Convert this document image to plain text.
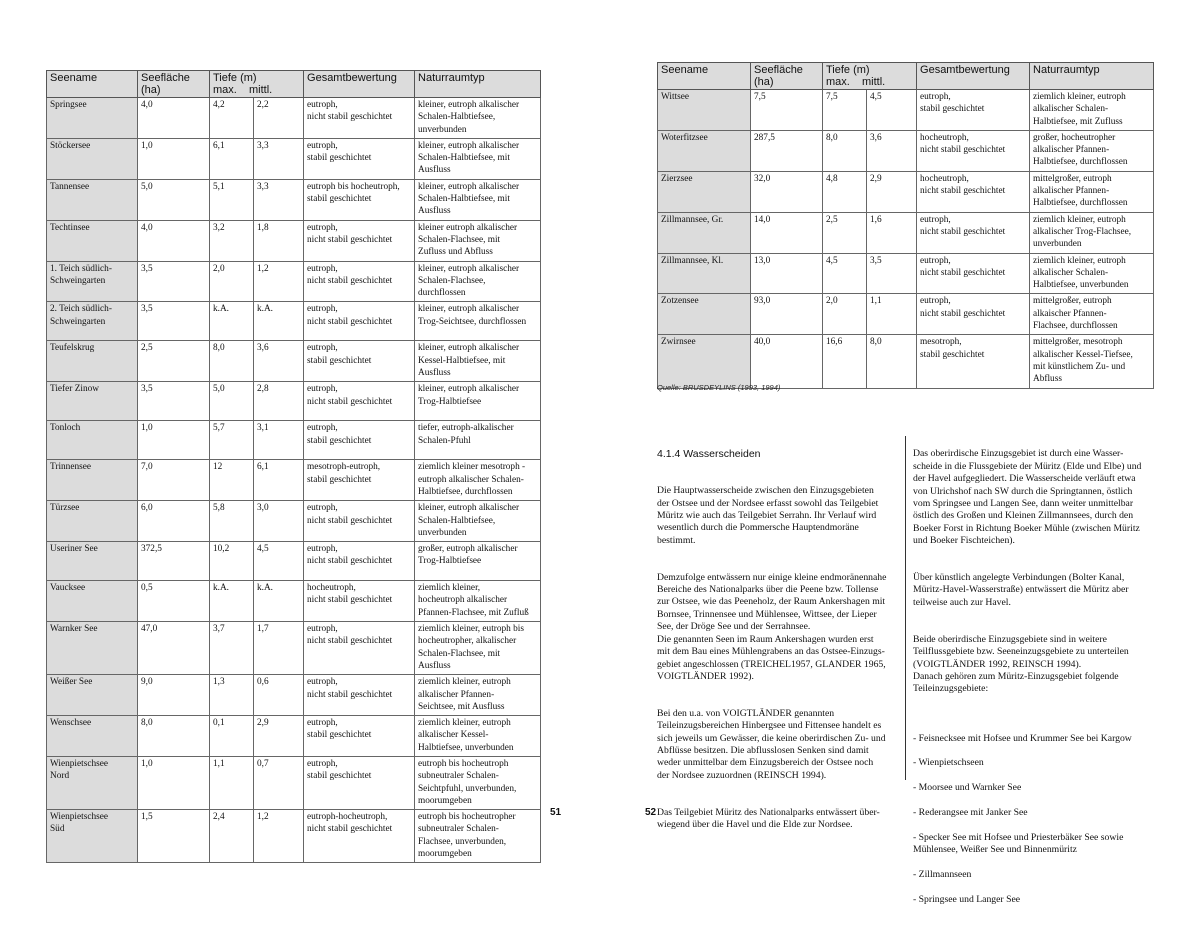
Seename	Seefläche (ha)	Tiefe (m)
max. mittl.		Gesamtbewertung	Naturraumtyp
Springsee	4,0	4,2	2,2	eutroph,
nicht stabil geschichtet	kleiner, eutroph alkalischer
Schalen-Halbtiefsee,
unverbunden
Stöckersee	1,0	6,1	3,3	eutroph,
stabil geschichtet	kleiner, eutroph alkalischer
Schalen-Halbtiefsee, mit
Ausfluss
Tannensee	5,0	5,1	3,3	eutroph bis hocheutroph,
stabil geschichtet	kleiner, eutroph alkalischer
Schalen-Halbtiefsee, mit
Ausfluss
Techtinsee	4,0	3,2	1,8	eutroph,
nicht stabil geschichtet	kleiner eutroph alkalischer
Schalen-Flachsee, mit
Zufluss und Abfluss
1. Teich südlich-
Schweingarten	3,5	2,0	1,2	eutroph,
nicht stabil geschichtet	kleiner, eutroph alkalischer
Schalen-Flachsee,
durchflossen
2. Teich südlich-
Schweingarten	3,5	k.A.	k.A.	eutroph,
nicht stabil geschichtet	kleiner, eutroph alkalischer
Trog-Seichtsee, durchflossen
Teufelskrug	2,5	8,0	3,6	eutroph,
stabil geschichtet	kleiner, eutroph alkalischer
Kessel-Halbtiefsee, mit
Ausfluss
Tiefer Zinow	3,5	5,0	2,8	eutroph,
nicht stabil geschichtet	kleiner, eutroph alkalischer
Trog-Halbtiefsee
Tonloch	1,0	5,7	3,1	eutroph,
stabil geschichtet	tiefer, eutroph-alkalischer
Schalen-Pfuhl
Trinnensee	7,0	12	6,1	mesotroph-eutroph,
stabil geschichtet	ziemlich kleiner mesotroph -
eutroph alkalischer Schalen-
Halbtiefsee, durchflossen
Türzsee	6,0	5,8	3,0	eutroph,
nicht stabil geschichtet	kleiner, eutroph alkalischer
Schalen-Halbtiefsee,
unverbunden
Useriner See	372,5	10,2	4,5	eutroph,
nicht stabil geschichtet	großer, eutroph alkalischer
Trog-Halbtiefsee
Vaucksee	0,5	k.A.	k.A.	hocheutroph,
nicht stabil geschichtet	ziemlich kleiner,
hocheutroph alkalischer
Pfannen-Flachsee, mit Zufluß
Warnker See	47,0	3,7	1,7	eutroph,
nicht stabil geschichtet	ziemlich kleiner, eutroph bis
hocheutropher, alkalischer
Schalen-Flachsee, mit
Ausfluss
Weißer See	9,0	1,3	0,6	eutroph,
nicht stabil geschichtet	ziemlich kleiner, eutroph
alkalischer Pfannen-
Seichtsee, mit Ausfluss
Wenschsee	8,0	0,1	2,9	eutroph,
stabil geschichtet	ziemlich kleiner, eutroph
alkalischer Kessel-
Halbtiefsee, unverbunden
Wienpietschsee
Nord	1,0	1,1	0,7	eutroph,
stabil geschichtet	eutroph bis hocheutroph
subneutraler Schalen-
Seichtpfuhl, unverbunden,
moorumgeben
Wienpietschsee
Süd	1,5	2,4	1,2	eutroph-hocheutroph,
nicht stabil geschichtet	eutroph bis hocheutropher
subneutraler Schalen-
Flachsee, unverbunden,
moorumgeben
51
Seename	Seefläche (ha)	Tiefe (m)
max. mittl.		Gesamtbewertung	Naturraumtyp
Wittsee	7,5	7,5	4,5	eutroph,
stabil geschichtet	ziemlich kleiner, eutroph
alkalischer Schalen-
Halbtiefsee, mit Zufluss
Woterfitzsee	287,5	8,0	3,6	hocheutroph,
nicht stabil geschichtet	großer, hocheutropher
alkalischer Pfannen-
Halbtiefsee, durchflossen
Zierzsee	32,0	4,8	2,9	hocheutroph,
nicht stabil geschichtet	mittelgroßer, eutroph
alkalischer Pfannen-
Halbtiefsee, durchflossen
Zillmannsee, Gr.	14,0	2,5	1,6	eutroph,
nicht stabil geschichtet	ziemlich kleiner, eutroph
alkalischer Trog-Flachsee,
unverbunden
Zillmannsee, Kl.	13,0	4,5	3,5	eutroph,
nicht stabil geschichtet	ziemlich kleiner, eutroph
alkalischer Schalen-
Halbtiefsee, unverbunden
Zotzensee	93,0	2,0	1,1	eutroph,
nicht stabil geschichtet	mittelgroßer, eutroph
alkaischer Pfannen-
Flachsee, durchflossen
Zwirnsee	40,0	16,6	8,0	mesotroph,
stabil geschichtet	mittelgroßer, mesotroph
alkalischer Kessel-Tiefsee,
mit künstlichem Zu- und
Abfluss
Quelle: BRUSDEYLINS (1993, 1994)

4.1.4 Wasserscheiden

Die Hauptwasserscheide zwischen den Einzugsgebieten
der Ostsee und der Nordsee erfasst sowohl das Teilgebiet
Müritz wie auch das Teilgebiet Serrahn. Ihr Verlauf wird
wesentlich durch die Pommersche Hauptendmoräne
bestimmt.

Demzufolge entwässern nur einige kleine endmoränennahe
Bereiche des Nationalparks über die Peene bzw. Tollense
zur Ostsee, wie das Peeneholz, der Raum Ankershagen mit
Bornsee, Trinnensee und Mühlensee, Wittsee, der Lieper
See, der Dröge See und der Serrahnsee.
Die genannten Seen im Raum Ankershagen wurden erst
mit dem Bau eines Mühlengrabens an das Ostsee-Einzugs-
gebiet angeschlossen (TREICHEL1957, GLANDER 1965,
VOIGTLÄNDER 1992).

Bei den u.a. von VOIGTLÄNDER genannten
Teileinzugsbereichen Hinbergsee und Fittensee handelt es
sich jeweils um Gewässer, die keine oberirdischen Zu- und
Abflüsse besitzen. Die abflusslosen Senken sind damit
weder unmittelbar dem Einzugsbereich der Ostsee noch
der Nordsee zuzuordnen (REINSCH 1994).

Das Teilgebiet Müritz des Nationalparks entwässert über-
wiegend über die Havel und die Elde zur Nordsee.

Das oberirdische Einzugsgebiet ist durch eine Wasser-
scheide in die Flussgebiete der Müritz (Elde und Elbe) und
der Havel aufgegliedert. Die Wasserscheide verläuft etwa
von Ulrichshof nach SW durch die Springtannen, östlich
vom Springsee und Langen See, dann weiter unmittelbar
östlich des Großen und Kleinen Zillmannsees, durch den
Boeker Forst in Richtung Boeker Mühle (zwischen Müritz
und Boeker Fischteichen).

Über künstlich angelegte Verbindungen (Bolter Kanal,
Müritz-Havel-Wasserstraße) entwässert die Müritz aber
teilweise auch zur Havel.

Beide oberirdische Einzugsgebiete sind in weitere
Teilflussgebiete bzw. Seeneinzugsgebiete zu unterteilen
(VOIGTLÄNDER 1992, REINSCH 1994).
Danach gehören zum Müritz-Einzugsgebiet folgende
Teileinzugsgebiete:

- Feisnecksee mit Hofsee und Krummer See bei Kargow

- Wienpietschseen

- Moorsee und Warnker See

- Rederangsee mit Janker See

- Specker See mit Hofsee und Priesterbäker See sowie
Mühlensee, Weißer See und Binnenmüritz

- Zillmannseen

- Springsee und Langer See

52
